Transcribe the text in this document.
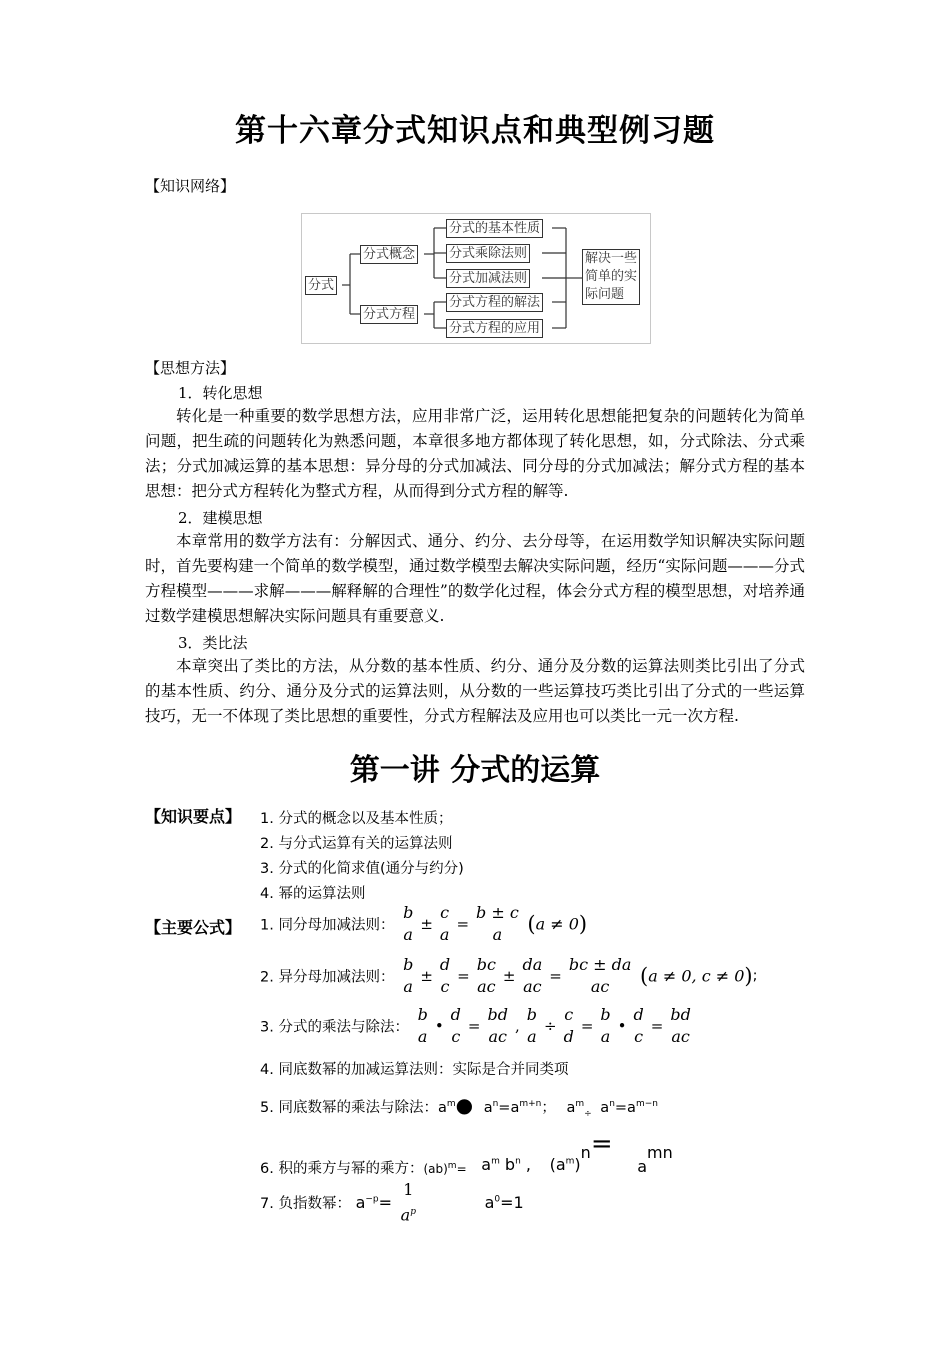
第十六章分式知识点和典型例习题
【知识网络】
分式
分式概念
分式方程
分式的基本性质
分式乘除法则
分式加减法则
分式方程的解法
分式方程的应用
解决一些
简单的实
际问题
【思想方法】
1．转化思想
转化是一种重要的数学思想方法，应用非常广泛，运用转化思想能把复杂的问题转化为简单问题，把生疏的问题转化为熟悉问题，本章很多地方都体现了转化思想，如，分式除法、分式乘法；分式加减运算的基本思想：异分母的分式加减法、同分母的分式加减法；解分式方程的基本思想：把分式方程转化为整式方程，从而得到分式方程的解等.
2．建模思想
本章常用的数学方法有：分解因式、通分、约分、去分母等，在运用数学知识解决实际问题时，首先要构建一个简单的数学模型，通过数学模型去解决实际问题，经历“实际问题———分式方程模型———求解———解释解的合理性”的数学化过程，体会分式方程的模型思想，对培养通过数学建模思想解决实际问题具有重要意义.
3．类比法
本章突出了类比的方法，从分数的基本性质、约分、通分及分数的运算法则类比引出了分式的基本性质、约分、通分及分式的运算法则，从分数的一些运算技巧类比引出了分式的一些运算技巧，无一不体现了类比思想的重要性，分式方程解法及应用也可以类比一元一次方程.
第一讲 分式的运算
【知识要点】 1. 分式的概念以及基本性质；
2. 与分式运算有关的运算法则
3. 分式的化简求值(通分与约分)
4. 幂的运算法则
【主要公式】 1. 同分母加减法则：
b
a
±
c
a
=
b ± c
a	(a ≠ 0)
2. 异分母加减法则：
b
a
±
d
c
=
bc
ac
±
da
ac
=
bc ± da
ac	(a ≠ 0, c ≠ 0);
3. 分式的乘法与除法：
b
a
•
d
c
=
bd
ac
,
b
a
÷
c
d
=
b
a
•
d
c
=
bd
ac
4. 同底数幂的加减运算法则：实际是合并同类项
5. 同底数幂的乘法与除法：$a^m●$ $a^n=a^{m+n}$； $a^m_\div$ $a^n=a^{m-n}$
6. 积的乘方与幂的乘方：$_{(ab)^m=}$ $a^m$ $b^n$ , $(a^m)n=$ amn
7. 负指数幂： $a^{-p}=$
1
$a^p$	$a^0=1$
